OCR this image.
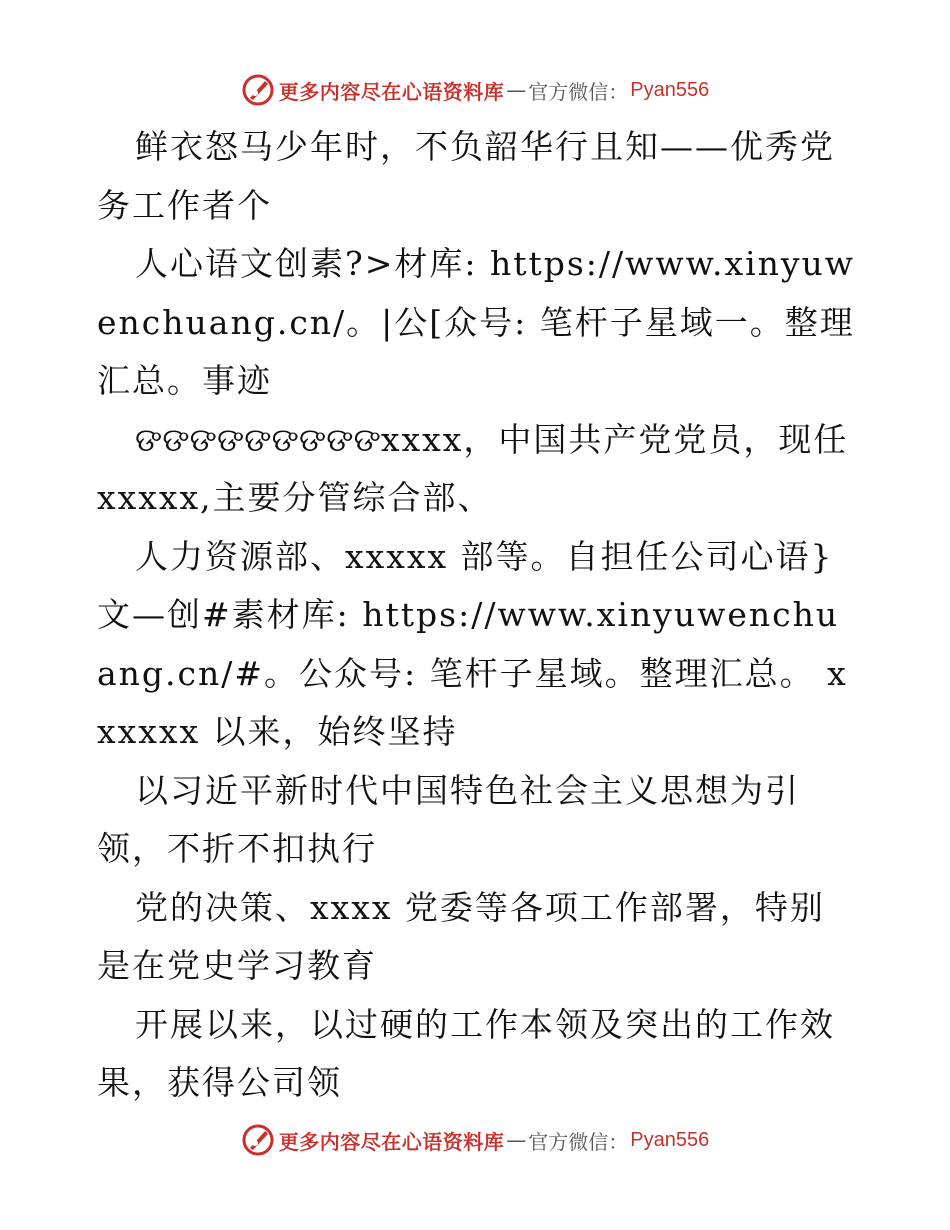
更多内容尽在心语资料库 — 官方微信： Pyan556

鲜衣怒马少年时，不负韶华行且知——优秀党务工作者个

人心语文创素?>材库: https://www.xinyuwenchuang.cn/。|公[众号: 笔杆子星域一。整理汇总。事迹

ଙଙଙଙଙଙଙଙଙxxxx，中国共产党党员，现任 xxxxx,主要分管综合部、

人力资源部、xxxxx 部等。自担任公司心语}文—创#素材库: https://www.xinyuwenchuang.cn/#。公众号: 笔杆子星域。整理汇总。 xxxxxx 以来，始终坚持

以习近平新时代中国特色社会主义思想为引领，不折不扣执行

党的决策、xxxx 党委等各项工作部署，特别是在党史学习教育

开展以来，以过硬的工作本领及突出的工作效果，获得公司领

更多内容尽在心语资料库 — 官方微信： Pyan556
